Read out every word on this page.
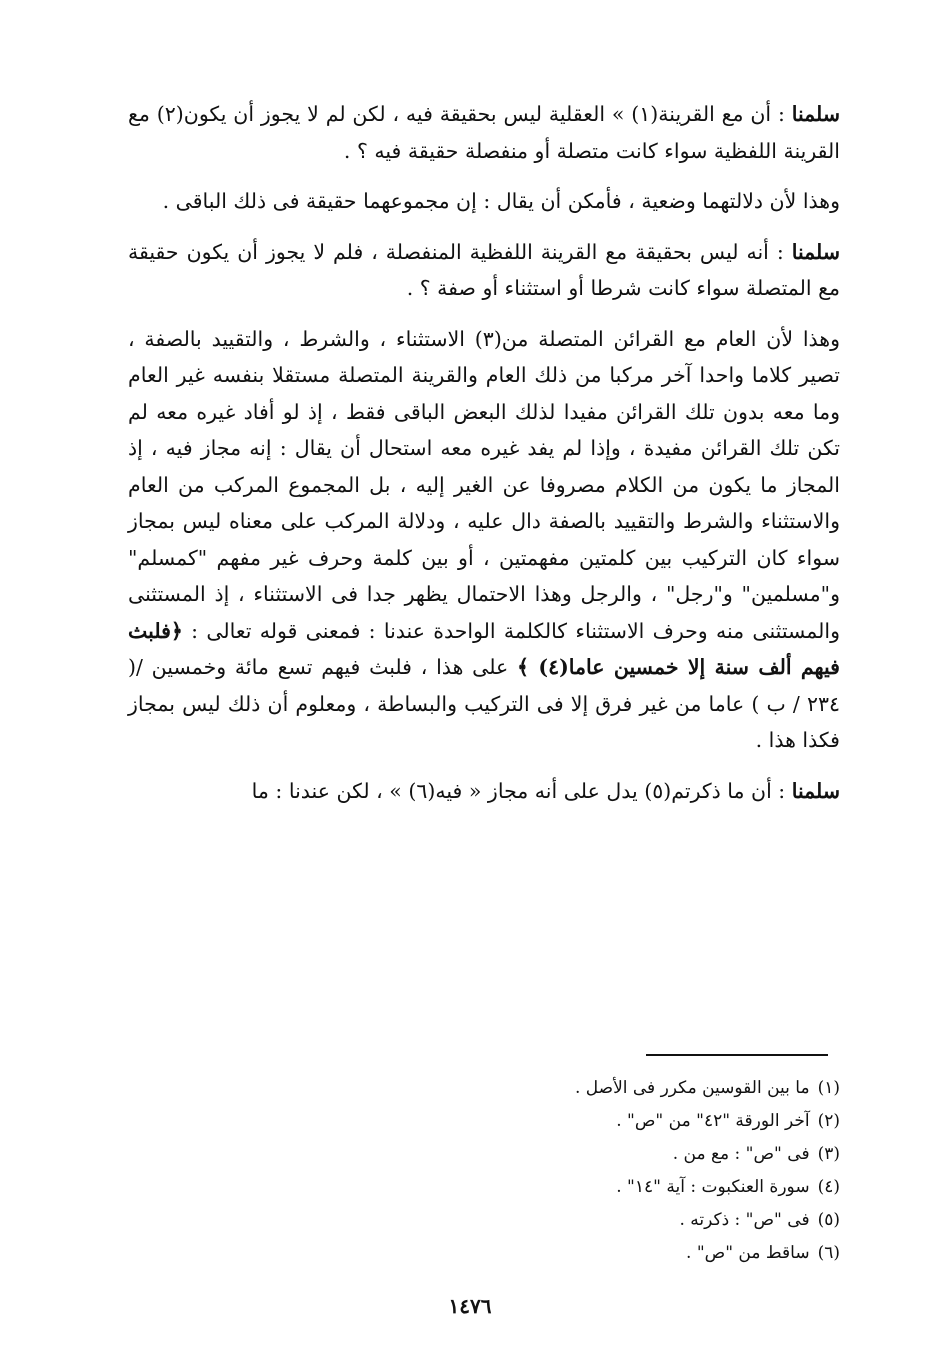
سلمنا : أن مع القرينة(١) » العقلية ليس بحقيقة فيه ، لكن لم لا يجوز أن يكون(٢) مع القرينة اللفظية سواء كانت متصلة أو منفصلة حقيقة فيه ؟ .

وهذا لأن دلالتهما وضعية ، فأمكن أن يقال : إن مجموعهما حقيقة فى ذلك الباقى .

سلمنا : أنه ليس بحقيقة مع القرينة اللفظية المنفصلة ، فلم لا يجوز أن يكون حقيقة مع المتصلة سواء كانت شرطا أو استثناء أو صفة ؟ .

وهذا لأن العام مع القرائن المتصلة من(٣) الاستثناء ، والشرط ، والتقييد بالصفة ، تصير كلاما واحدا آخر مركبا من ذلك العام والقرينة المتصلة مستقلا بنفسه غير العام وما معه بدون تلك القرائن مفيدا لذلك البعض الباقى فقط ، إذ لو أفاد غيره معه لم تكن تلك القرائن مفيدة ، وإذا لم يفد غيره معه استحال أن يقال : إنه مجاز فيه ، إذ المجاز ما يكون من الكلام مصروفا عن الغير إليه ، بل المجموع المركب من العام والاستثناء والشرط والتقييد بالصفة دال عليه ، ودلالة المركب على معناه ليس بمجاز سواء كان التركيب بين كلمتين مفهمتين ، أو بين كلمة وحرف غير مفهم "كمسلم" و"مسلمين" و"رجل" ، والرجل وهذا الاحتمال يظهر جدا فى الاستثناء ، إذ المستثنى والمستثنى منه وحرف الاستثناء كالكلمة الواحدة عندنا : فمعنى قوله تعالى : ﴿فلبث فيهم ألف سنة إلا خمسين عاما(٤) ﴾ على هذا ، فلبث فيهم تسع مائة وخمسين /( ٢٣٤ / ب ) عاما من غير فرق إلا فى التركيب والبساطة ، ومعلوم أن ذلك ليس بمجاز فكذا هذا .

سلمنا : أن ما ذكرتم(٥) يدل على أنه مجاز « فيه(٦) » ، لكن عندنا : ما

(١)ما بين القوسين مكرر فى الأصل .
(٢)آخر الورقة "٤٢" من "ص" .
(٣)فى "ص" : مع من .
(٤)سورة العنكبوت : آية "١٤" .
(٥)فى "ص" : ذكرته .
(٦)ساقط من "ص" .
١٤٧٦
